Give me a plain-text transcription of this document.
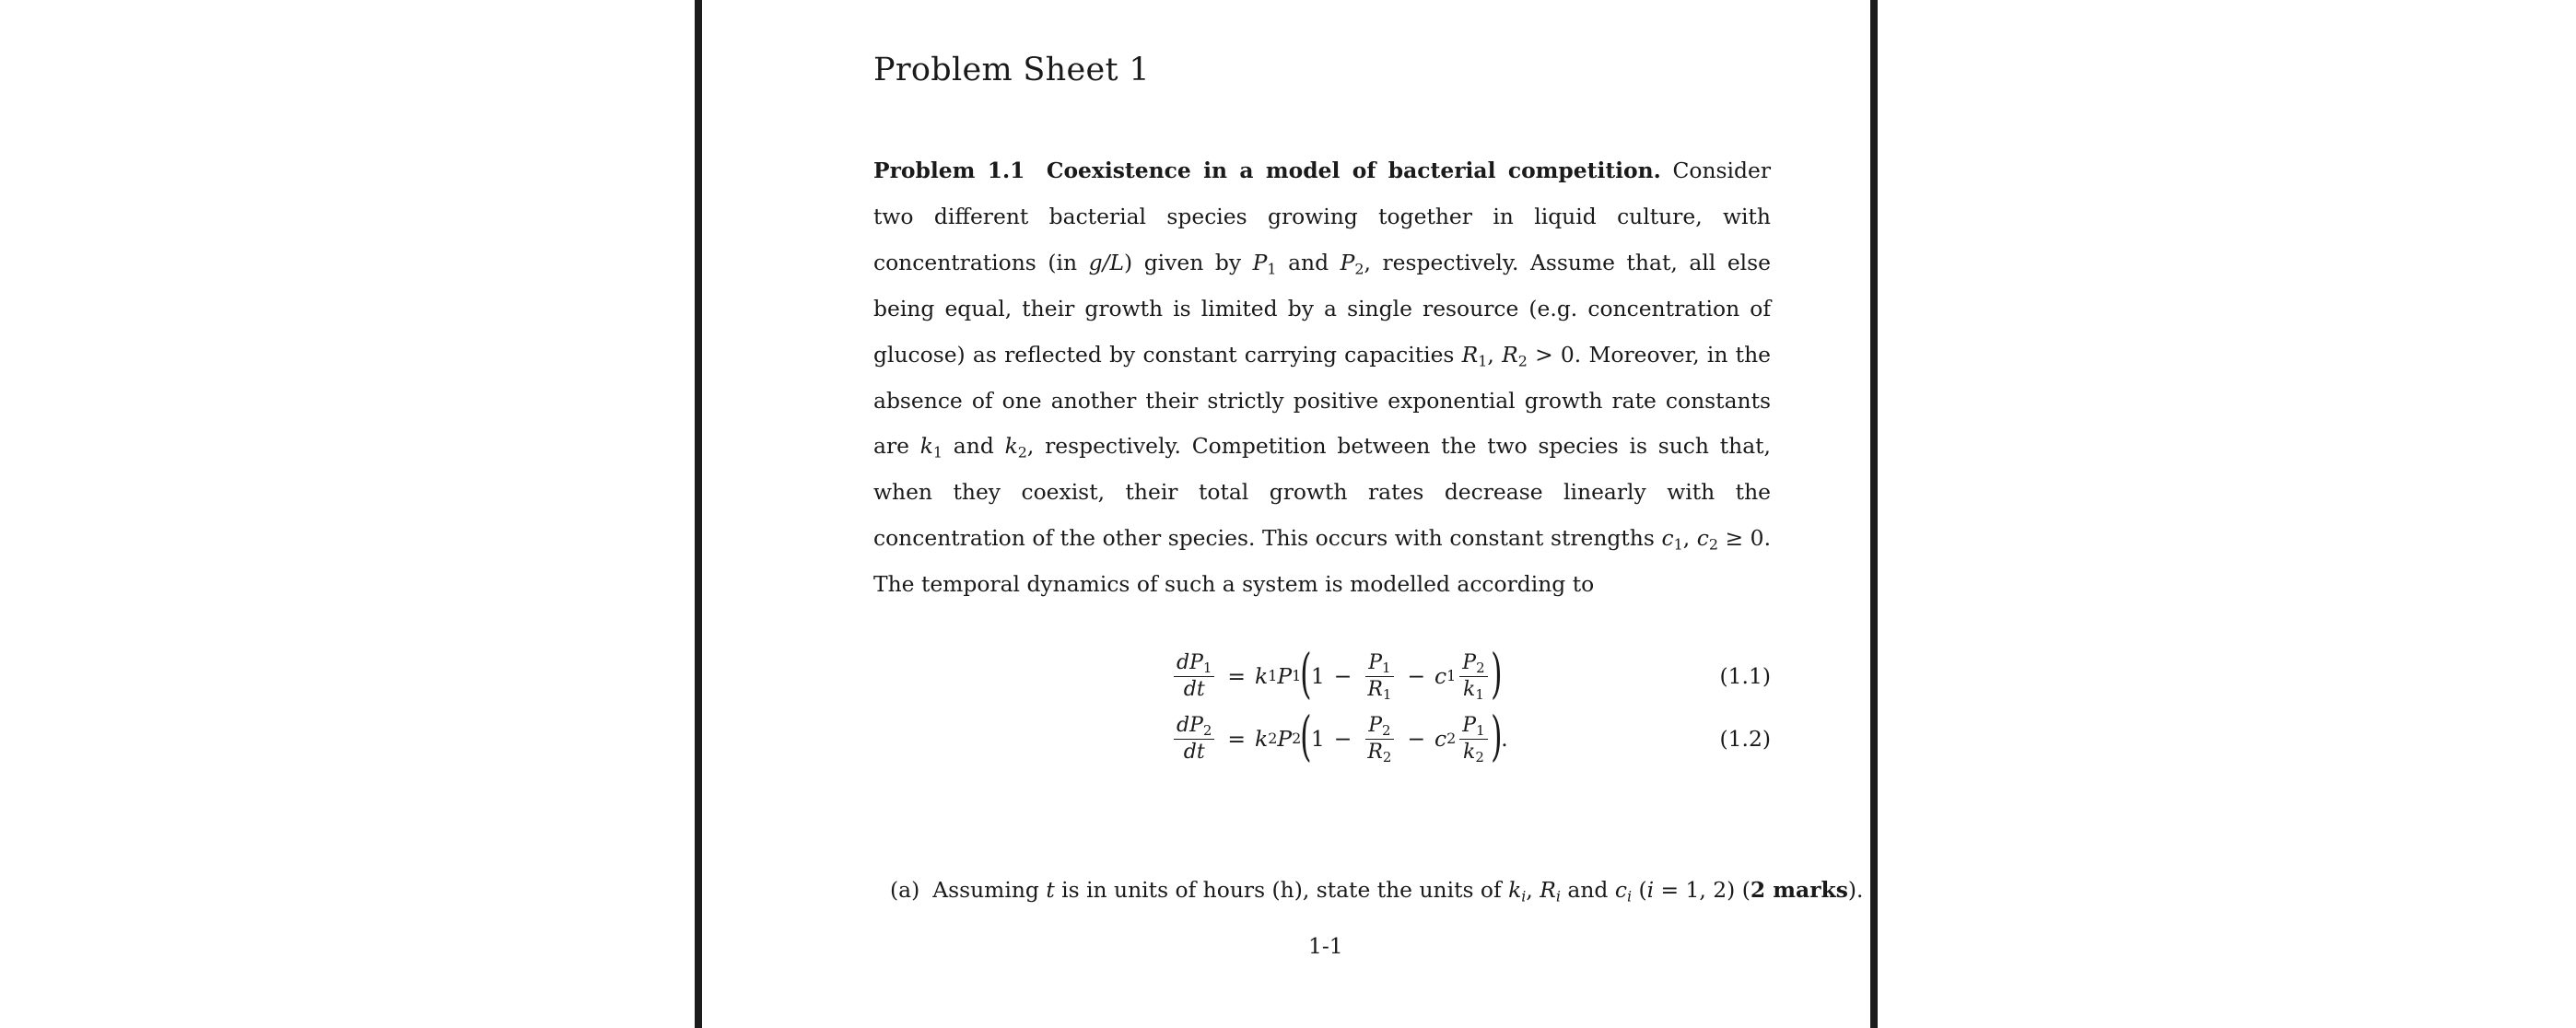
Problem Sheet 1

Problem 1.1 Coexistence in a model of bacterial competition. Consider two different bacterial species growing together in liquid culture, with concentrations (in g/L) given by $P_1$ and $P_2$, respectively. Assume that, all else being equal, their growth is limited by a single resource (e.g. concentration of glucose) as reflected by constant carrying capacities $R_1$, $R_2 > 0$. Moreover, in the absence of one another their strictly positive exponential growth rate constants are $k_1$ and $k_2$, respectively. Competition between the two species is such that, when they coexist, their total growth rates decrease linearly with the concentration of the other species. This occurs with constant strengths $c_1$, $c_2 \ge 0$. The temporal dynamics of such a system is modelled according to

$\frac{dP_1}{dt} = k$ 1 P 1 ( $1 - \frac{P_1}{R_1} - c$ $1 \frac{P_2}{k_1}$ )	(1.1)
$\frac{dP_2}{dt} = k$ 2 P 2 ( $1 - \frac{P_2}{R_2} - c$ $2 \frac{P_1}{k_2}$ ) .	(1.2)
(a) Assuming t is in units of hours (h), state the units of $k_i$, $R_i$ and $c_i$ (i = 1, 2) (2 marks).
1-1
